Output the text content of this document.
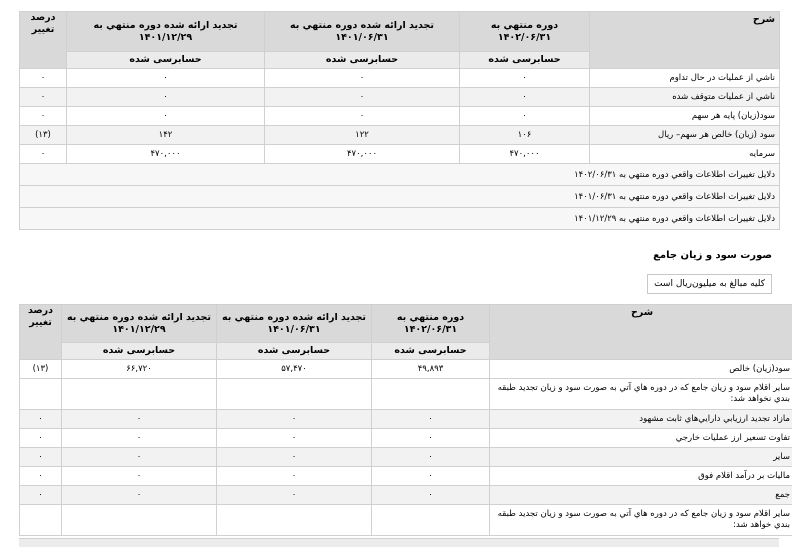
شرح	دوره منتهي به ۱۴۰۲/۰۶/۳۱	تجديد ارائه شده دوره منتهي به ۱۴۰۱/۰۶/۳۱	تجديد ارائه شده دوره منتهي به ۱۴۰۱/۱۲/۲۹	درصد تغيير
	حسابرسی شده	حسابرسی شده	حسابرسی شده	
ناشي از عمليات در حال تداوم	۰	۰	۰	۰
ناشي از عمليات متوقف شده	۰	۰	۰	۰
سود(زيان) پايه هر سهم	۰	۰	۰	۰
سود (زيان) خالص هر سهم– ريال	۱۰۶	۱۲۲	۱۴۲	(۱۳)
سرمايه	۴۷۰,۰۰۰	۴۷۰,۰۰۰	۴۷۰,۰۰۰	۰
دلايل تغييرات اطلاعات واقعي دوره منتهي به ۱۴۰۲/۰۶/۳۱				
دلايل تغييرات اطلاعات واقعي دوره منتهي به ۱۴۰۱/۰۶/۳۱				
دلايل تغييرات اطلاعات واقعي دوره منتهي به ۱۴۰۱/۱۲/۲۹				
صورت سود و زيان جامع
كليه مبالغ به ميليون‌ريال است
شرح	دوره منتهي به ۱۴۰۲/۰۶/۳۱	تجديد ارائه شده دوره منتهي به ۱۴۰۱/۰۶/۳۱	تجديد ارائه شده دوره منتهي به ۱۴۰۱/۱۲/۲۹	درصد تغيير
	حسابرسی شده	حسابرسی شده	حسابرسی شده	
سود(زيان) خالص	۴۹,۸۹۳	۵۷,۴۷۰	۶۶,۷۲۰	(۱۳)
ساير اقلام سود و زيان جامع كه در دوره هاي آتي به صورت سود و زيان تجديد طبقه بندي نخواهد شد:				
مازاد تجديد ارزيابي دارايي‌هاي ثابت مشهود	۰	۰	۰	۰
تفاوت تسعير ارز عمليات خارجي	۰	۰	۰	۰
ساير	۰	۰	۰	۰
ماليات بر درآمد اقلام فوق	۰	۰	۰	۰
جمع	۰	۰	۰	۰
ساير اقلام سود و زيان جامع كه در دوره هاي آتي به صورت سود و زيان تجديد طبقه بندي خواهد شد:				
